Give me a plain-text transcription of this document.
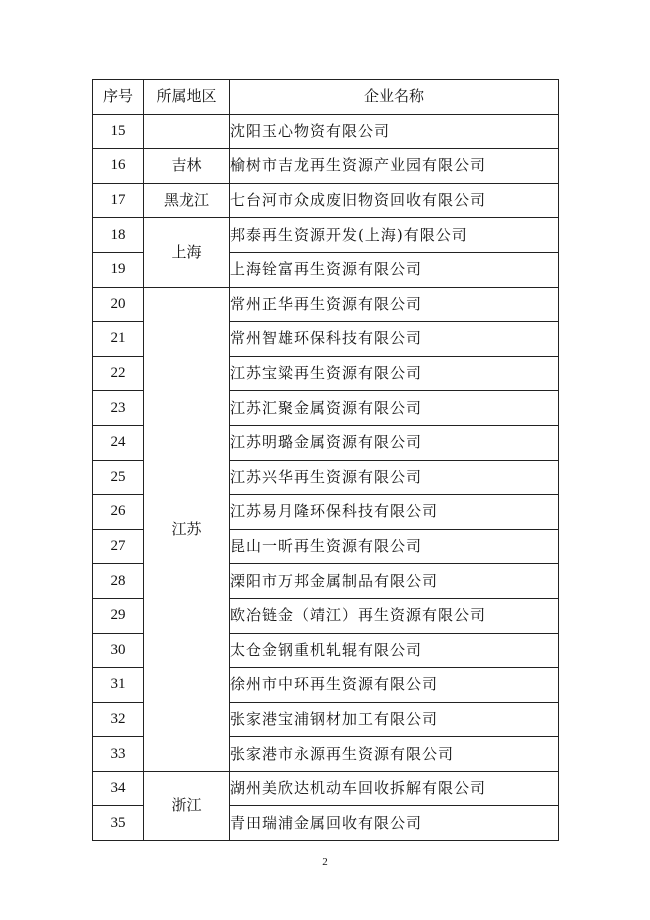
序号	所属地区	企业名称
15		沈阳玉心物资有限公司
16	吉林	榆树市吉龙再生资源产业园有限公司
17	黑龙江	七台河市众成废旧物资回收有限公司
18	上海	邦泰再生资源开发(上海)有限公司
19		上海铨富再生资源有限公司
20	江苏	常州正华再生资源有限公司
21		常州智雄环保科技有限公司
22		江苏宝粱再生资源有限公司
23		江苏汇聚金属资源有限公司
24		江苏明璐金属资源有限公司
25		江苏兴华再生资源有限公司
26		江苏易月隆环保科技有限公司
27		昆山一昕再生资源有限公司
28		溧阳市万邦金属制品有限公司
29		欧冶链金（靖江）再生资源有限公司
30		太仓金钢重机轧辊有限公司
31		徐州市中环再生资源有限公司
32		张家港宝浦钢材加工有限公司
33		张家港市永源再生资源有限公司
34	浙江	湖州美欣达机动车回收拆解有限公司
35		青田瑞浦金属回收有限公司
2
